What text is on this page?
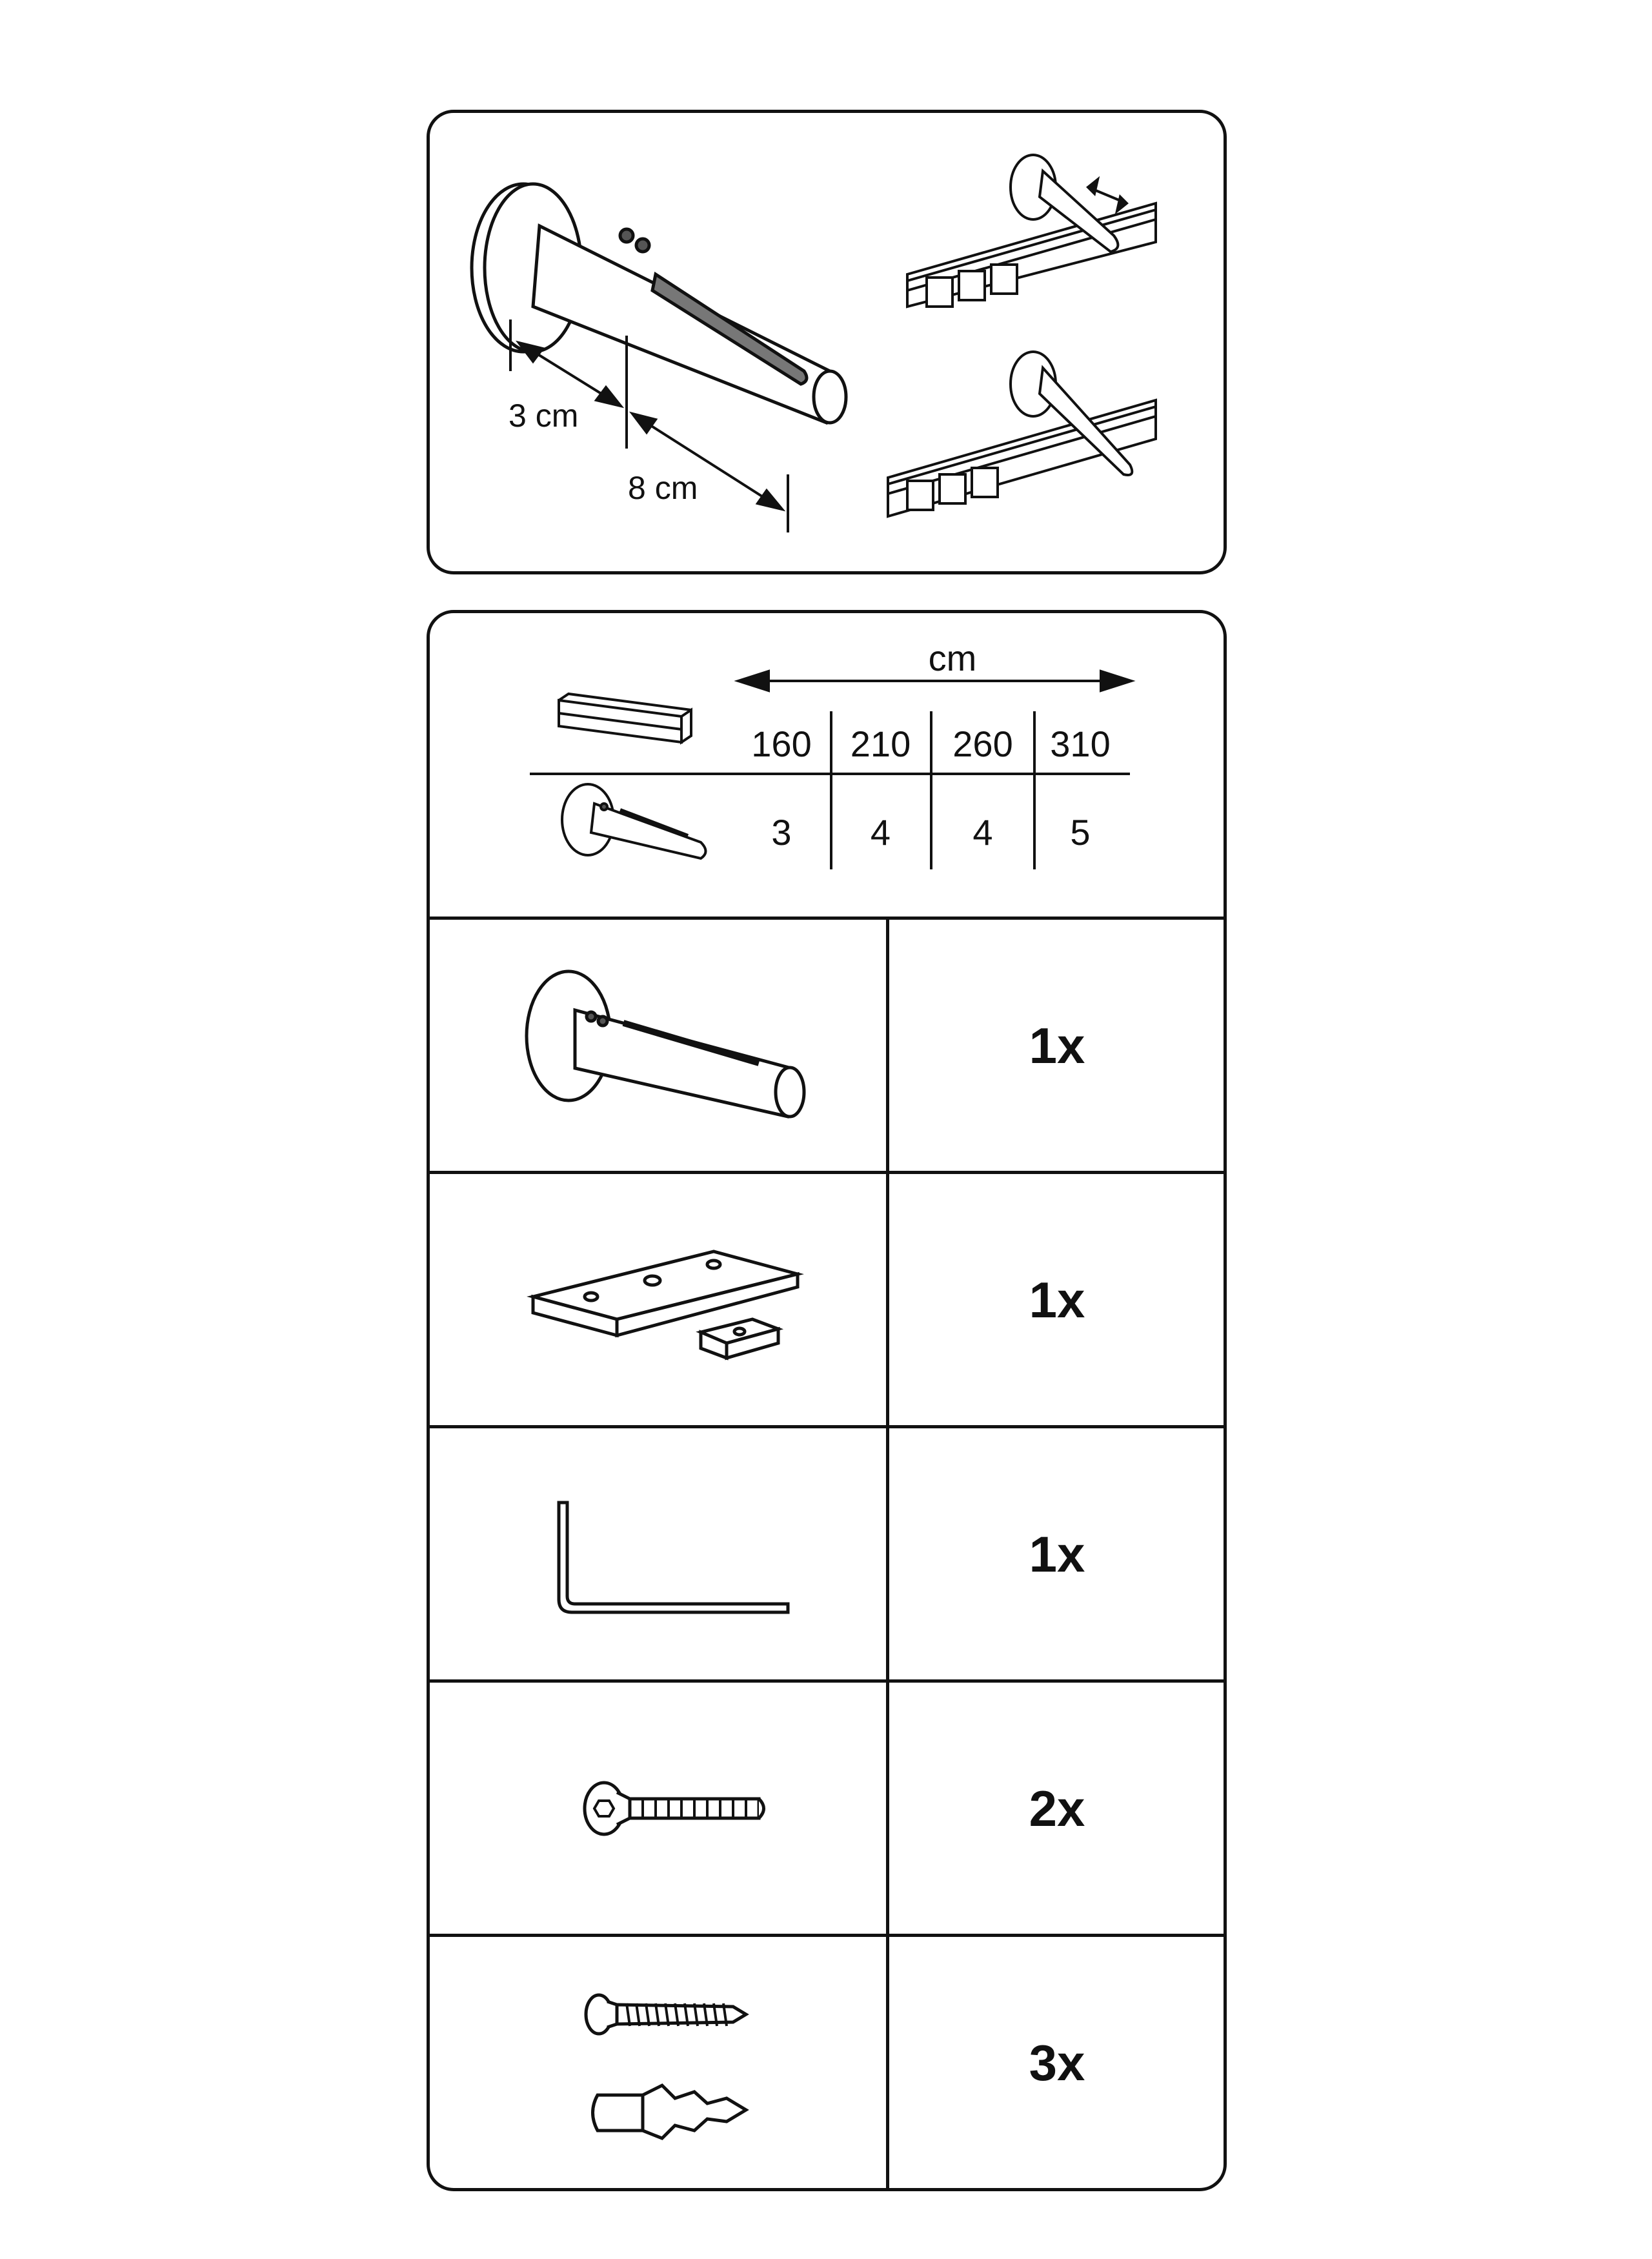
3 cm
8 cm
cm
160	210	260	310
3	4	4	5
1x
1x
1x
2x
3x
